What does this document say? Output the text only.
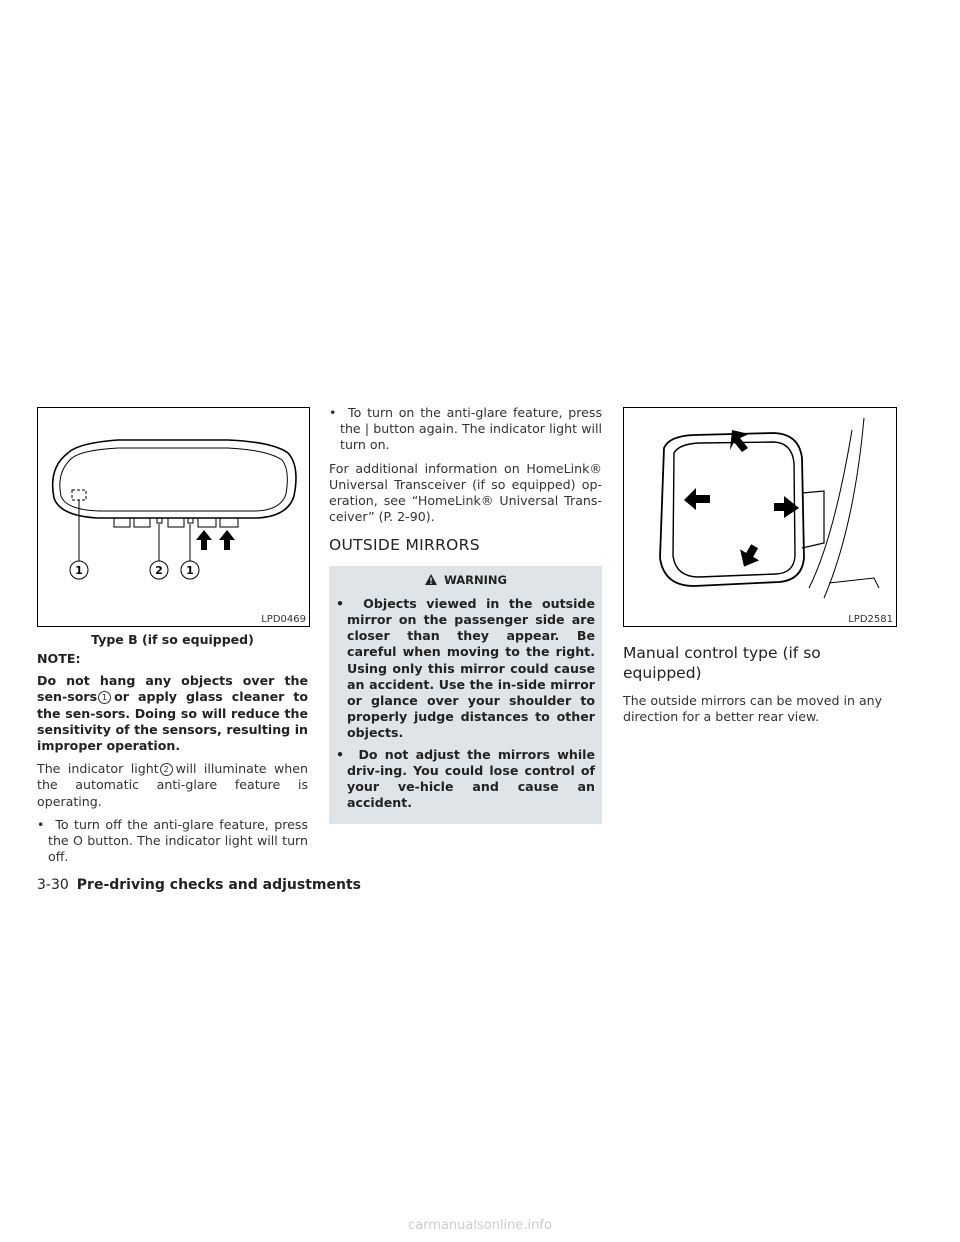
1	2 1
LPD0469
Type B (if so equipped)

NOTE:

Do not hang any objects over the sen-sors 1 or apply glass cleaner to the sen-sors. Doing so will reduce the sensitivity of the sensors, resulting in improper operation.

The indicator light 2 will illuminate when the automatic anti-glare feature is operating.

•  To turn off the anti-glare feature, press the O button. The indicator light will turn off.

•  To turn on the anti-glare feature, press the | button again. The indicator light will turn on.

For additional information on HomeLink® Universal Transceiver (if so equipped) op-eration, see “HomeLink® Universal Trans-ceiver” (P. 2-90).

OUTSIDE MIRRORS
WARNING
•  Objects viewed in the outside mirror on the passenger side are closer than they appear. Be careful when moving to the right. Using only this mirror could cause an accident. Use the in-side mirror or glance over your shoulder to properly judge distances to other objects.
•  Do not adjust the mirrors while driv-ing. You could lose control of your ve-hicle and cause an accident.
LPD2581
Manual control type (if so equipped)

The outside mirrors can be moved in any direction for a better rear view.

3-30 Pre-driving checks and adjustments
carmanualsonline.info
